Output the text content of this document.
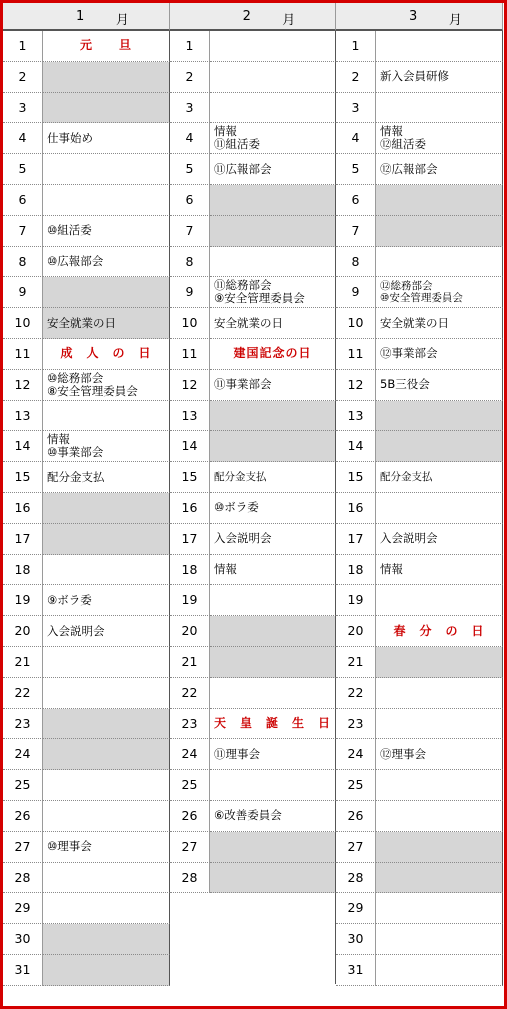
1 月
1	元　　旦
2
3
4	仕事始め
5
6
7	⑩組活委
8	⑩広報部会
9
10	安全就業の日
11	成　人　の　日
12	⑩総務部会
⑧安全管理委員会
13
14	情報
⑩事業部会
15	配分金支払
16
17
18
19	⑨ボラ委
20	入会説明会
21
22
23
24
25
26
27	⑩理事会
28
29
30
31
2 月
1
2
3
4	情報
⑪組活委
5	⑪広報部会
6
7
8
9	⑪総務部会
⑨安全管理委員会
10	安全就業の日
11	建国記念の日
12	⑪事業部会
13
14
15	配分金支払
16	⑩ボラ委
17	入会説明会
18	情報
19
20
21
22
23	天　皇　誕　生　日
24	⑪理事会
25
26	⑥改善委員会
27
28
3 月
1
2	新入会員研修
3
4	情報
⑫組活委
5	⑫広報部会
6
7
8
9	⑫総務部会
⑩安全管理委員会
10	安全就業の日
11	⑫事業部会
12	5B三役会
13
14
15	配分金支払
16
17	入会説明会
18	情報
19
20	春　分　の　日
21
22
23
24	⑫理事会
25
26
27
28
29
30
31
